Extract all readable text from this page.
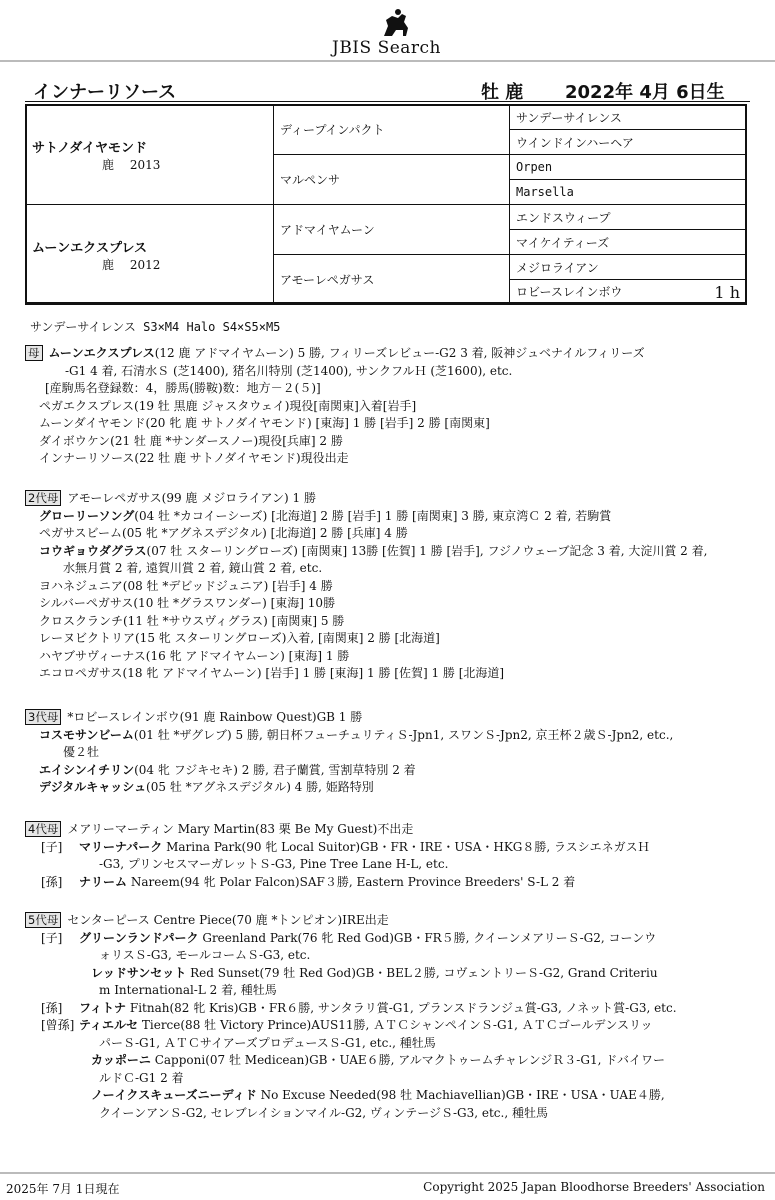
JBIS Search
インナーリソース	牡 鹿 2022年 4月 6日生
サトノダイヤモンド
鹿　 2013	ディープインパクト	サンデーサイレンス
		ウインドインハーヘア
	マルペンサ	Orpen
		Marsella
ムーンエクスプレス
鹿　 2012	アドマイヤムーン	エンドスウィープ
		マイケイティーズ
	アモーレペガサス	メジロライアン
		ロビースレインボウ 1 h
サンデーサイレンス S3×M4 Halo S4×S5×M5

母 ムーンエクスプレス(12 鹿 アドマイヤムーン) 5 勝, フィリーズレビュー-G2 3 着, 阪神ジュベナイルフィリーズ

-G1 4 着, 石清水Ｓ (芝1400), 猪名川特別 (芝1400), サンクフルＨ (芝1600), etc.

[産駒馬名登録数：4，勝馬(勝鞍)数：地方－２(５)]

ペガエクスプレス(19 牡 黒鹿 ジャスタウェイ)現役[南関東]入着[岩手]

ムーンダイヤモンド(20 牝 鹿 サトノダイヤモンド) [東海] 1 勝 [岩手] 2 勝 [南関東]

ダイボウケン(21 牡 鹿 *サンダースノー)現役[兵庫] 2 勝

インナーリソース(22 牡 鹿 サトノダイヤモンド)現役出走

2代母 アモーレペガサス(99 鹿 メジロライアン) 1 勝

グローリーソング(04 牡 *カコイーシーズ) [北海道] 2 勝 [岩手] 1 勝 [南関東] 3 勝, 東京湾Ｃ 2 着, 若駒賞

ペガサスビーム(05 牝 *アグネスデジタル) [北海道] 2 勝 [兵庫] 4 勝

コウギョウダグラス(07 牡 スターリングローズ) [南関東] 13勝 [佐賀] 1 勝 [岩手], フジノウェーブ記念 3 着, 大淀川賞 2 着,

水無月賞 2 着, 遠賀川賞 2 着, 鏡山賞 2 着, etc.

ヨハネジュニア(08 牡 *デビッドジュニア) [岩手] 4 勝

シルバーペガサス(10 牡 *グラスワンダー) [東海] 10勝

クロスクランチ(11 牡 *サウスヴィグラス) [南関東] 5 勝

レーヌビクトリア(15 牝 スターリングローズ)入着, [南関東] 2 勝 [北海道]

ハヤブサヴィーナス(16 牝 アドマイヤムーン) [東海] 1 勝

エコロペガサス(18 牝 アドマイヤムーン) [岩手] 1 勝 [東海] 1 勝 [佐賀] 1 勝 [北海道]

3代母 *ロビースレインボウ(91 鹿 Rainbow Quest)GB 1 勝

コスモサンビーム(01 牡 *ザグレブ) 5 勝, 朝日杯フューチュリティＳ-Jpn1, スワンＳ-Jpn2, 京王杯２歳Ｓ-Jpn2, etc.,

優２牡

エイシンイチリン(04 牝 フジキセキ) 2 勝, 君子蘭賞, 雪割草特別 2 着

デジタルキャッシュ(05 牡 *アグネスデジタル) 4 勝, 姫路特別

4代母 メアリーマーティン Mary Martin(83 栗 Be My Guest)不出走

[子] マリーナパーク Marina Park(90 牝 Local Suitor)GB・FR・IRE・USA・HKG８勝, ラスシエネガスＨ

-G3, プリンセスマーガレットＳ-G3, Pine Tree Lane H-L, etc.

[孫] ナリーム Nareem(94 牝 Polar Falcon)SAF３勝, Eastern Province Breeders' S-L 2 着

5代母 センターピース Centre Piece(70 鹿 *トンピオン)IRE出走

[子] グリーンランドパーク Greenland Park(76 牝 Red God)GB・FR５勝, クイーンメアリーＳ-G2, コーンウ

ォリスＳ-G3, モールコームＳ-G3, etc.

レッドサンセット Red Sunset(79 牡 Red God)GB・BEL２勝, コヴェントリーＳ-G2, Grand Criteriu

m International-L 2 着, 種牡馬

[孫] フィトナ Fitnah(82 牝 Kris)GB・FR６勝, サンタラリ賞-G1, プランスドランジュ賞-G3, ノネット賞-G3, etc.

[曾孫] ティエルセ Tierce(88 牡 Victory Prince)AUS11勝, ＡＴＣシャンペインＳ-G1, ＡＴＣゴールデンスリッ

パーＳ-G1, ＡＴＣサイアーズプロデュースＳ-G1, etc., 種牡馬

カッポーニ Capponi(07 牡 Medicean)GB・UAE６勝, アルマクトゥームチャレンジＲ３-G1, ドバイワー

ルドＣ-G1 2 着

ノーイクスキューズニーディド No Excuse Needed(98 牡 Machiavellian)GB・IRE・USA・UAE４勝,

クイーンアンＳ-G2, セレブレイションマイル-G2, ヴィンテージＳ-G3, etc., 種牡馬

2025年 7月 1日現在	Copyright 2025 Japan Bloodhorse Breeders' Association
